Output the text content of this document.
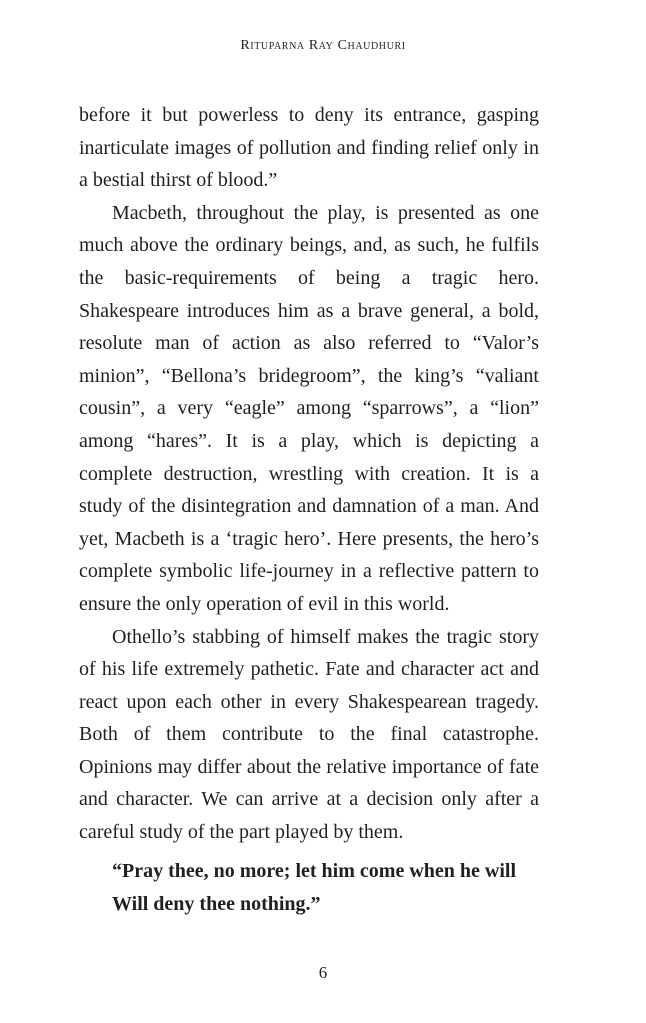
Rituparna Ray Chaudhuri

before it but powerless to deny its entrance, gasping inarticulate images of pollution and finding relief only in a bestial thirst of blood.”

Macbeth, throughout the play, is presented as one much above the ordinary beings, and, as such, he fulfils the basic-requirements of being a tragic hero. Shakespeare introduces him as a brave general, a bold, resolute man of action as also referred to “Valor’s minion”, “Bellona’s bridegroom”, the king’s “valiant cousin”, a very “eagle” among “sparrows”, a “lion” among “hares”. It is a play, which is depicting a complete destruction, wrestling with creation. It is a study of the disintegration and damnation of a man. And yet, Macbeth is a ‘tragic hero’. Here presents, the hero’s complete symbolic life-journey in a reflective pattern to ensure the only operation of evil in this world.

Othello’s stabbing of himself makes the tragic story of his life extremely pathetic. Fate and character act and react upon each other in every Shakespearean tragedy. Both of them contribute to the final catastrophe. Opinions may differ about the relative importance of fate and character. We can arrive at a decision only after a careful study of the part played by them.

“Pray thee, no more; let him come when he will
Will deny thee nothing.”
6
